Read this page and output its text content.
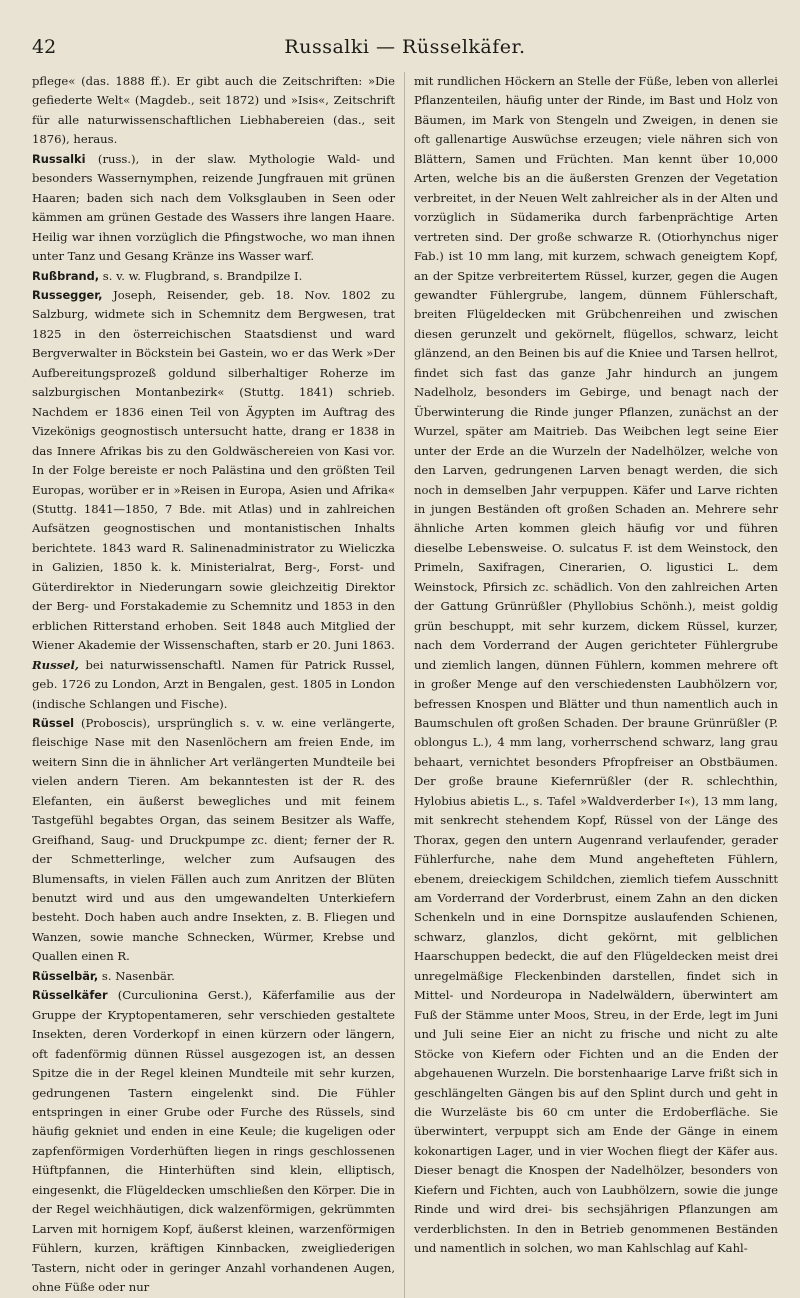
42	Russalki — Rüsselkäfer.

pflege« (das. 1888 ff.). Er gibt auch die Zeitschriften: »Die gefiederte Welt« (Magdeb., seit 1872) und »Isis«, Zeitschrift für alle naturwissenschaftlichen Liebhabereien (das., seit 1876), heraus.

Russalki (russ.), in der slaw. Mythologie Wald- und besonders Wassernymphen, reizende Jungfrauen mit grünen Haaren; baden sich nach dem Volksglauben in Seen oder kämmen am grünen Gestade des Wassers ihre langen Haare. Heilig war ihnen vorzüglich die Pfingstwoche, wo man ihnen unter Tanz und Gesang Kränze ins Wasser warf.

Rußbrand, s. v. w. Flugbrand, s. Brandpilze I.

Russegger, Joseph, Reisender, geb. 18. Nov. 1802 zu Salzburg, widmete sich in Schemnitz dem Bergwesen, trat 1825 in den österreichischen Staatsdienst und ward Bergverwalter in Böckstein bei Gastein, wo er das Werk »Der Aufbereitungsprozeß goldund silberhaltiger Roherze im salzburgischen Montanbezirk« (Stuttg. 1841) schrieb. Nachdem er 1836 einen Teil von Ägypten im Auftrag des Vizekönigs geognostisch untersucht hatte, drang er 1838 in das Innere Afrikas bis zu den Goldwäschereien von Kasi vor. In der Folge bereiste er noch Palästina und den größten Teil Europas, worüber er in »Reisen in Europa, Asien und Afrika« (Stuttg. 1841—1850, 7 Bde. mit Atlas) und in zahlreichen Aufsätzen geognostischen und montanistischen Inhalts berichtete. 1843 ward R. Salinenadministrator zu Wieliczka in Galizien, 1850 k. k. Ministerialrat, Berg-, Forst- und Güterdirektor in Niederungarn sowie gleichzeitig Direktor der Berg- und Forstakademie zu Schemnitz und 1853 in den erblichen Ritterstand erhoben. Seit 1848 auch Mitglied der Wiener Akademie der Wissenschaften, starb er 20. Juni 1863.

Russel, bei naturwissenschaftl. Namen für Patrick Russel, geb. 1726 zu London, Arzt in Bengalen, gest. 1805 in London (indische Schlangen und Fische).

Rüssel (Proboscis), ursprünglich s. v. w. eine verlängerte, fleischige Nase mit den Nasenlöchern am freien Ende, im weitern Sinn die in ähnlicher Art verlängerten Mundteile bei vielen andern Tieren. Am bekanntesten ist der R. des Elefanten, ein äußerst bewegliches und mit feinem Tastgefühl begabtes Organ, das seinem Besitzer als Waffe, Greifhand, Saug- und Druckpumpe zc. dient; ferner der R. der Schmetterlinge, welcher zum Aufsaugen des Blumensafts, in vielen Fällen auch zum Anritzen der Blüten benutzt wird und aus den umgewandelten Unterkiefern besteht. Doch haben auch andre Insekten, z. B. Fliegen und Wanzen, sowie manche Schnecken, Würmer, Krebse und Quallen einen R.

Rüsselbär, s. Nasenbär.

Rüsselkäfer (Curculionina Gerst.), Käferfamilie aus der Gruppe der Kryptopentameren, sehr verschieden gestaltete Insekten, deren Vorderkopf in einen kürzern oder längern, oft fadenförmig dünnen Rüssel ausgezogen ist, an dessen Spitze die in der Regel kleinen Mundteile mit sehr kurzen, gedrungenen Tastern eingelenkt sind. Die Fühler entspringen in einer Grube oder Furche des Rüssels, sind häufig gekniet und enden in eine Keule; die kugeligen oder zapfenförmigen Vorderhüften liegen in rings geschlossenen Hüftpfannen, die Hinterhüften sind klein, elliptisch, eingesenkt, die Flügeldecken umschließen den Körper. Die in der Regel weichhäutigen, dick walzenförmigen, gekrümmten Larven mit hornigem Kopf, äußerst kleinen, warzenförmigen Fühlern, kurzen, kräftigen Kinnbacken, zweigliederigen Tastern, nicht oder in geringer Anzahl vorhandenen Augen, ohne Füße oder nur

mit rundlichen Höckern an Stelle der Füße, leben von allerlei Pflanzenteilen, häufig unter der Rinde, im Bast und Holz von Bäumen, im Mark von Stengeln und Zweigen, in denen sie oft gallenartige Auswüchse erzeugen; viele nähren sich von Blättern, Samen und Früchten. Man kennt über 10,000 Arten, welche bis an die äußersten Grenzen der Vegetation verbreitet, in der Neuen Welt zahlreicher als in der Alten und vorzüglich in Südamerika durch farbenprächtige Arten vertreten sind. Der große schwarze R. (Otiorhynchus niger Fab.) ist 10 mm lang, mit kurzem, schwach geneigtem Kopf, an der Spitze verbreitertem Rüssel, kurzer, gegen die Augen gewandter Fühlergrube, langem, dünnem Fühlerschaft, breiten Flügeldecken mit Grübchenreihen und zwischen diesen gerunzelt und gekörnelt, flügellos, schwarz, leicht glänzend, an den Beinen bis auf die Kniee und Tarsen hellrot, findet sich fast das ganze Jahr hindurch an jungem Nadelholz, besonders im Gebirge, und benagt nach der Überwinterung die Rinde junger Pflanzen, zunächst an der Wurzel, später am Maitrieb. Das Weibchen legt seine Eier unter der Erde an die Wurzeln der Nadelhölzer, welche von den Larven, gedrungenen Larven benagt werden, die sich noch in demselben Jahr verpuppen. Käfer und Larve richten in jungen Beständen oft großen Schaden an. Mehrere sehr ähnliche Arten kommen gleich häufig vor und führen dieselbe Lebensweise. O. sulcatus F. ist dem Weinstock, den Primeln, Saxifragen, Cinerarien, O. ligustici L. dem Weinstock, Pfirsich zc. schädlich. Von den zahlreichen Arten der Gattung Grünrüßler (Phyllobius Schönh.), meist goldig grün beschuppt, mit sehr kurzem, dickem Rüssel, kurzer, nach dem Vorderrand der Augen gerichteter Fühlergrube und ziemlich langen, dünnen Fühlern, kommen mehrere oft in großer Menge auf den verschiedensten Laubhölzern vor, befressen Knospen und Blätter und thun namentlich auch in Baumschulen oft großen Schaden. Der braune Grünrüßler (P. oblongus L.), 4 mm lang, vorherrschend schwarz, lang grau behaart, vernichtet besonders Pfropfreiser an Obstbäumen. Der große braune Kiefernrüßler (der R. schlechthin, Hylobius abietis L., s. Tafel »Waldverderber I«), 13 mm lang, mit senkrecht stehendem Kopf, Rüssel von der Länge des Thorax, gegen den untern Augenrand verlaufender, gerader Fühlerfurche, nahe dem Mund angehefteten Fühlern, ebenem, dreieckigem Schildchen, ziemlich tiefem Ausschnitt am Vorderrand der Vorderbrust, einem Zahn an den dicken Schenkeln und in eine Dornspitze auslaufenden Schienen, schwarz, glanzlos, dicht gekörnt, mit gelblichen Haarschuppen bedeckt, die auf den Flügeldecken meist drei unregelmäßige Fleckenbinden darstellen, findet sich in Mittel- und Nordeuropa in Nadelwäldern, überwintert am Fuß der Stämme unter Moos, Streu, in der Erde, legt im Juni und Juli seine Eier an nicht zu frische und nicht zu alte Stöcke von Kiefern oder Fichten und an die Enden der abgehauenen Wurzeln. Die borstenhaarige Larve frißt sich in geschlängelten Gängen bis auf den Splint durch und geht in die Wurzeläste bis 60 cm unter die Erdoberfläche. Sie überwintert, verpuppt sich am Ende der Gänge in einem kokonartigen Lager, und in vier Wochen fliegt der Käfer aus. Dieser benagt die Knospen der Nadelhölzer, besonders von Kiefern und Fichten, auch von Laubhölzern, sowie die junge Rinde und wird drei- bis sechsjährigen Pflanzungen am verderblichsten. In den in Betrieb genommenen Beständen und namentlich in solchen, wo man Kahlschlag auf Kahl-
